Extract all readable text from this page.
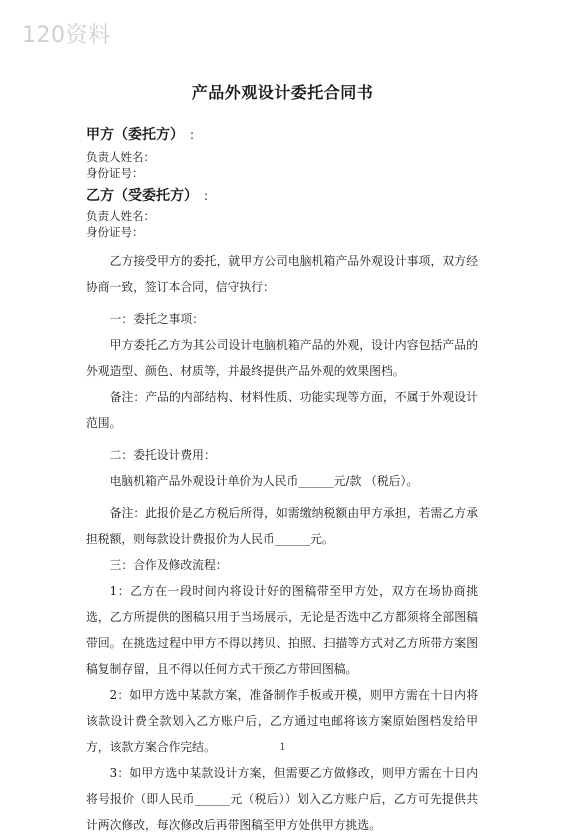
120资料
产品外观设计委托合同书
甲方（委托方） :
负责人姓名：
身份证号：
乙方（受委托方） :
负责人姓名：
身份证号：

乙方接受甲方的委托，就甲方公司电脑机箱产品外观设计事项，双方经协商一致，签订本合同，信守执行：

一：委托之事项：

甲方委托乙方为其公司设计电脑机箱产品的外观，设计内容包括产品的外观造型、颜色、材质等，并最终提供产品外观的效果图档。

备注：产品的内部结构、材料性质、功能实现等方面，不属于外观设计范围。

二：委托设计费用：

电脑机箱产品外观设计单价为人民币______元/款 （税后）。

备注：此报价是乙方税后所得，如需缴纳税额由甲方承担，若需乙方承担税额，则每款设计费报价为人民币______元。

三：合作及修改流程：

1：乙方在一段时间内将设计好的图稿带至甲方处，双方在场协商挑选，乙方所提供的图稿只用于当场展示，无论是否选中乙方都须将全部图稿带回。在挑选过程中甲方不得以拷贝、拍照、扫描等方式对乙方所带方案图稿复制存留，且不得以任何方式干预乙方带回图稿。

2：如甲方选中某款方案，准备制作手板或开模，则甲方需在十日内将该款设计费全款划入乙方账户后，乙方通过电邮将该方案原始图档发给甲方，该款方案合作完结。

3：如甲方选中某款设计方案，但需要乙方做修改，则甲方需在十日内将号报价（即人民币______元（税后））划入乙方账户后，乙方可先提供共计两次修改，每次修改后再带图稿至甲方处供甲方挑选。

1
